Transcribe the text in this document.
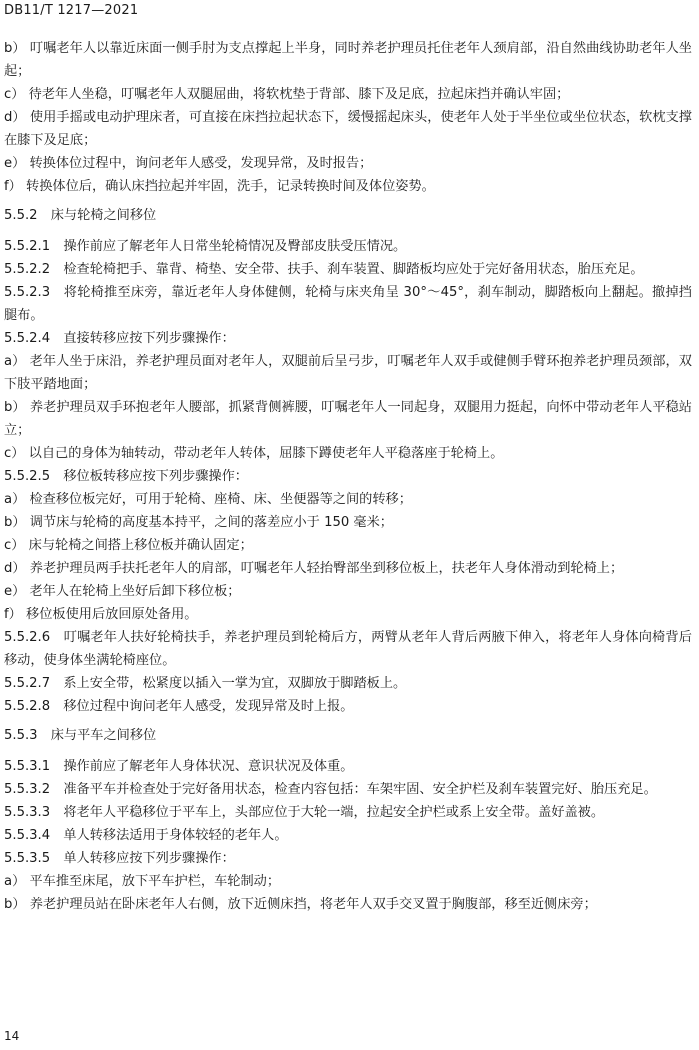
DB11/T 1217—2021

b） 叮嘱老年人以靠近床面一侧手肘为支点撑起上半身，同时养老护理员托住老年人颈肩部，沿自然曲线协助老年人坐起；

c） 待老年人坐稳，叮嘱老年人双腿屈曲，将软枕垫于背部、膝下及足底，拉起床挡并确认牢固；

d） 使用手摇或电动护理床者，可直接在床挡拉起状态下，缓慢摇起床头，使老年人处于半坐位或坐位状态，软枕支撑在膝下及足底；

e） 转换体位过程中，询问老年人感受，发现异常，及时报告；

f） 转换体位后，确认床挡拉起并牢固，洗手，记录转换时间及体位姿势。

5.5.2　床与轮椅之间移位

5.5.2.1　操作前应了解老年人日常坐轮椅情况及臀部皮肤受压情况。

5.5.2.2　检查轮椅把手、靠背、椅垫、安全带、扶手、刹车装置、脚踏板均应处于完好备用状态，胎压充足。

5.5.2.3　将轮椅推至床旁，靠近老年人身体健侧，轮椅与床夹角呈 30°～45°，刹车制动，脚踏板向上翻起。撤掉挡腿布。

5.5.2.4　直接转移应按下列步骤操作：

a） 老年人坐于床沿，养老护理员面对老年人，双腿前后呈弓步，叮嘱老年人双手或健侧手臂环抱养老护理员颈部，双下肢平踏地面；

b） 养老护理员双手环抱老年人腰部，抓紧背侧裤腰，叮嘱老年人一同起身，双腿用力挺起，向怀中带动老年人平稳站立；

c） 以自己的身体为轴转动，带动老年人转体，屈膝下蹲使老年人平稳落座于轮椅上。

5.5.2.5　移位板转移应按下列步骤操作：

a） 检查移位板完好，可用于轮椅、座椅、床、坐便器等之间的转移；

b） 调节床与轮椅的高度基本持平，之间的落差应小于 150 毫米；

c） 床与轮椅之间搭上移位板并确认固定；

d） 养老护理员两手扶托老年人的肩部，叮嘱老年人轻抬臀部坐到移位板上，扶老年人身体滑动到轮椅上；

e） 老年人在轮椅上坐好后卸下移位板；

f） 移位板使用后放回原处备用。

5.5.2.6　叮嘱老年人扶好轮椅扶手，养老护理员到轮椅后方，两臂从老年人背后两腋下伸入，将老年人身体向椅背后移动，使身体坐满轮椅座位。

5.5.2.7　系上安全带，松紧度以插入一掌为宜，双脚放于脚踏板上。

5.5.2.8　移位过程中询问老年人感受，发现异常及时上报。

5.5.3　床与平车之间移位

5.5.3.1　操作前应了解老年人身体状况、意识状况及体重。

5.5.3.2　准备平车并检查处于完好备用状态，检查内容包括：车架牢固、安全护栏及刹车装置完好、胎压充足。

5.5.3.3　将老年人平稳移位于平车上，头部应位于大轮一端，拉起安全护栏或系上安全带。盖好盖被。

5.5.3.4　单人转移法适用于身体较轻的老年人。

5.5.3.5　单人转移应按下列步骤操作：

a） 平车推至床尾，放下平车护栏，车轮制动；

b） 养老护理员站在卧床老年人右侧，放下近侧床挡，将老年人双手交叉置于胸腹部，移至近侧床旁；

14
